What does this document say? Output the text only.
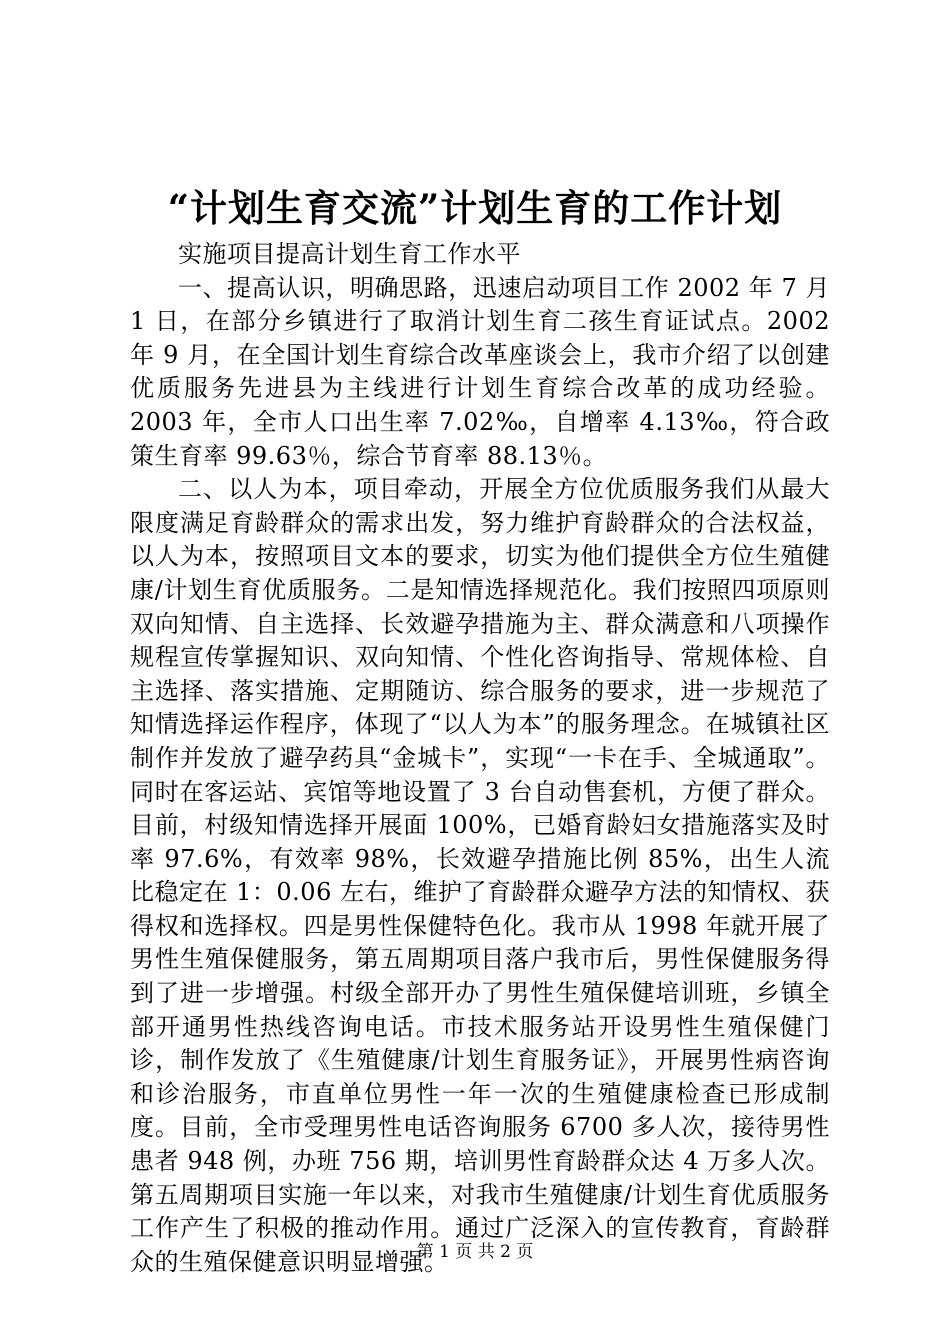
“计划生育交流”计划生育的工作计划

实施项目提高计划生育工作水平

一、提高认识，明确思路，迅速启动项目工作 2002 年 7 月 1 日，在部分乡镇进行了取消计划生育二孩生育证试点。2002 年 9 月，在全国计划生育综合改革座谈会上，我市介绍了以创建优质服务先进县为主线进行计划生育综合改革的成功经验。2003 年，全市人口出生率 7.02‰，自增率 4.13‰，符合政策生育率 99.63％，综合节育率 88.13％。

二、以人为本，项目牵动，开展全方位优质服务我们从最大限度满足育龄群众的需求出发，努力维护育龄群众的合法权益，以人为本，按照项目文本的要求，切实为他们提供全方位生殖健康/计划生育优质服务。二是知情选择规范化。我们按照四项原则双向知情、自主选择、长效避孕措施为主、群众满意和八项操作规程宣传掌握知识、双向知情、个性化咨询指导、常规体检、自主选择、落实措施、定期随访、综合服务的要求，进一步规范了知情选择运作程序，体现了“以人为本”的服务理念。在城镇社区制作并发放了避孕药具“金城卡”，实现“一卡在手、全城通取”。同时在客运站、宾馆等地设置了 3 台自动售套机，方便了群众。目前，村级知情选择开展面 100%，已婚育龄妇女措施落实及时率 97.6%，有效率 98%，长效避孕措施比例 85%，出生人流比稳定在 1：0.06 左右，维护了育龄群众避孕方法的知情权、获得权和选择权。四是男性保健特色化。我市从 1998 年就开展了男性生殖保健服务，第五周期项目落户我市后，男性保健服务得到了进一步增强。村级全部开办了男性生殖保健培训班，乡镇全部开通男性热线咨询电话。市技术服务站开设男性生殖保健门诊，制作发放了《生殖健康/计划生育服务证》，开展男性病咨询和诊治服务，市直单位男性一年一次的生殖健康检查已形成制度。目前，全市受理男性电话咨询服务 6700 多人次，接待男性患者 948 例，办班 756 期，培训男性育龄群众达 4 万多人次。第五周期项目实施一年以来，对我市生殖健康/计划生育优质服务工作产生了积极的推动作用。通过广泛深入的宣传教育，育龄群众的生殖保健意识明显增强。

第 1 页 共 2 页
